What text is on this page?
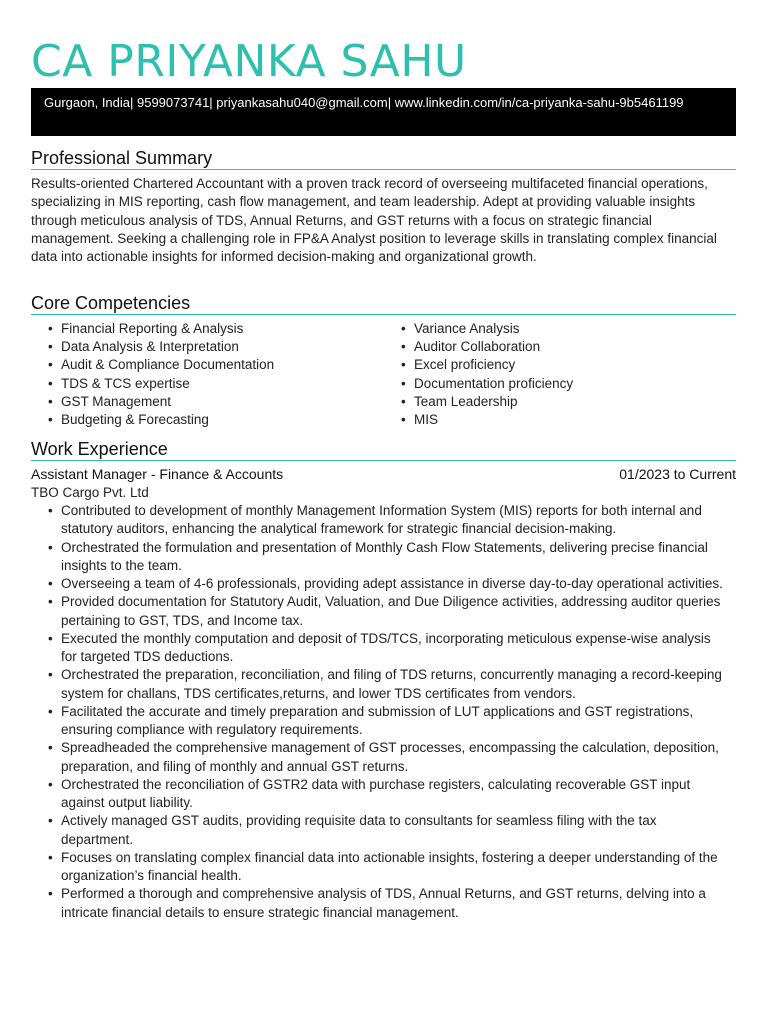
CA PRIYANKA SAHU
Gurgaon, India| 9599073741| priyankasahu040@gmail.com| www.linkedin.com/in/ca-priyanka-sahu-9b5461199
Professional Summary

Results-oriented Chartered Accountant with a proven track record of overseeing multifaceted financial operations, specializing in MIS reporting, cash flow management, and team leadership. Adept at providing valuable insights through meticulous analysis of TDS, Annual Returns, and GST returns with a focus on strategic financial management. Seeking a challenging role in FP&A Analyst position to leverage skills in translating complex financial data into actionable insights for informed decision-making and organizational growth.

Core Competencies
• Financial Reporting & Analysis
• Data Analysis & Interpretation
• Audit & Compliance Documentation
• TDS & TCS expertise
• GST Management
• Budgeting & Forecasting
• Variance Analysis
• Auditor Collaboration
• Excel proficiency
• Documentation proficiency
• Team Leadership
• MIS
Work Experience
Assistant Manager - Finance & Accounts	01/2023 to Current
TBO Cargo Pvt. Ltd
• Contributed to development of monthly Management Information System (MIS) reports for both internal and statutory auditors, enhancing the analytical framework for strategic financial decision-making.
• Orchestrated the formulation and presentation of Monthly Cash Flow Statements, delivering precise financial insights to the team.
• Overseeing a team of 4-6 professionals, providing adept assistance in diverse day-to-day operational activities.
• Provided documentation for Statutory Audit, Valuation, and Due Diligence activities, addressing auditor queries pertaining to GST, TDS, and Income tax.
• Executed the monthly computation and deposit of TDS/TCS, incorporating meticulous expense-wise analysis for targeted TDS deductions.
• Orchestrated the preparation, reconciliation, and filing of TDS returns, concurrently managing a record-keeping system for challans, TDS certificates,returns, and lower TDS certificates from vendors.
• Facilitated the accurate and timely preparation and submission of LUT applications and GST registrations, ensuring compliance with regulatory requirements.
• Spreadheaded the comprehensive management of GST processes, encompassing the calculation, deposition, preparation, and filing of monthly and annual GST returns.
• Orchestrated the reconciliation of GSTR2 data with purchase registers, calculating recoverable GST input against output liability.
• Actively managed GST audits, providing requisite data to consultants for seamless filing with the tax department.
• Focuses on translating complex financial data into actionable insights, fostering a deeper understanding of the organization’s financial health.
• Performed a thorough and comprehensive analysis of TDS, Annual Returns, and GST returns, delving into a intricate financial details to ensure strategic financial management.
